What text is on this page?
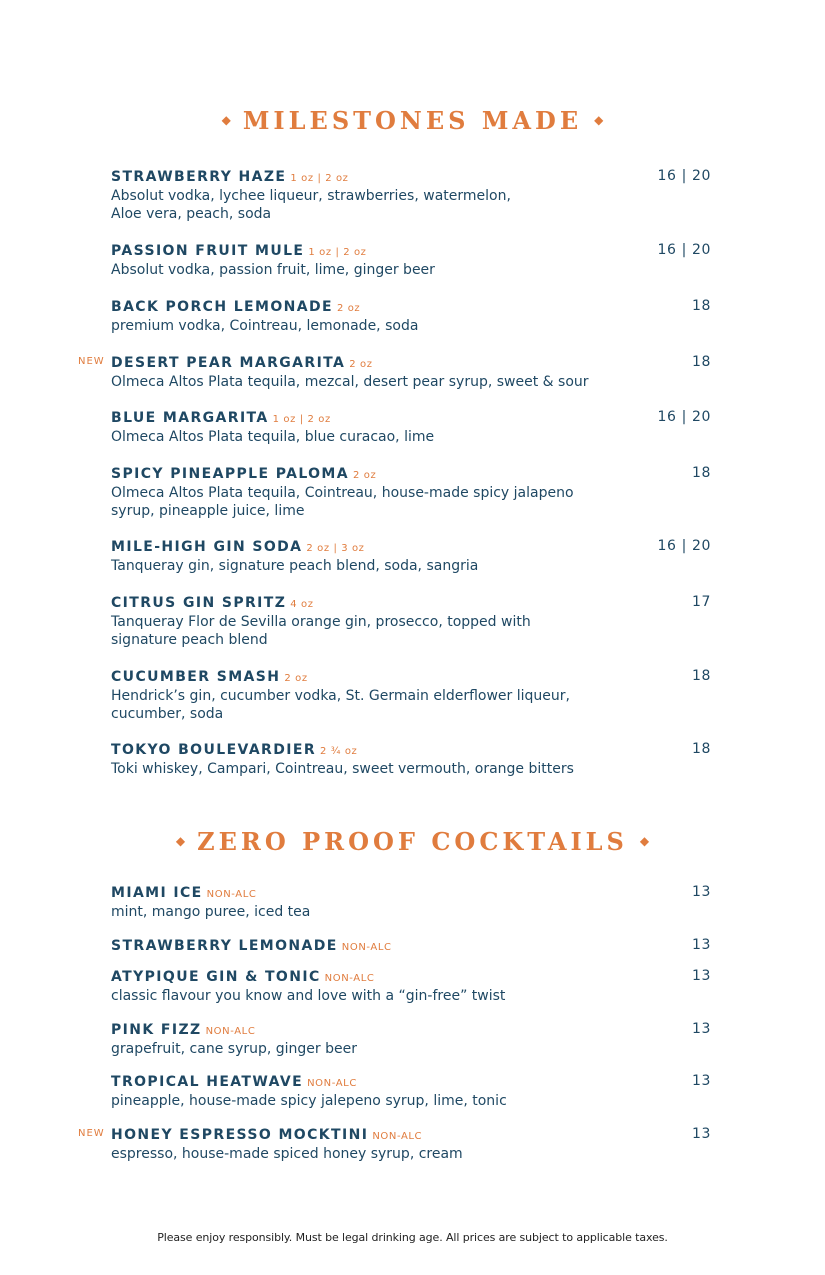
◆ MILESTONES MADE ◆
STRAWBERRY HAZE 1 oz | 2 oz	16 | 20
Absolut vodka, lychee liqueur, strawberries, watermelon,
Aloe vera, peach, soda
PASSION FRUIT MULE 1 oz | 2 oz	16 | 20
Absolut vodka, passion fruit, lime, ginger beer
BACK PORCH LEMONADE 2 oz	18
premium vodka, Cointreau, lemonade, soda
NEW DESERT PEAR MARGARITA 2 oz	18
Olmeca Altos Plata tequila, mezcal, desert pear syrup, sweet & sour
BLUE MARGARITA 1 oz | 2 oz	16 | 20
Olmeca Altos Plata tequila, blue curacao, lime
SPICY PINEAPPLE PALOMA 2 oz	18
Olmeca Altos Plata tequila, Cointreau, house-made spicy jalapeno
syrup, pineapple juice, lime
MILE-HIGH GIN SODA 2 oz | 3 oz	16 | 20
Tanqueray gin, signature peach blend, soda, sangria
CITRUS GIN SPRITZ 4 oz	17
Tanqueray Flor de Sevilla orange gin, prosecco, topped with
signature peach blend
CUCUMBER SMASH 2 oz	18
Hendrick’s gin, cucumber vodka, St. Germain elderflower liqueur,
cucumber, soda
TOKYO BOULEVARDIER 2 ¾ oz	18
Toki whiskey, Campari, Cointreau, sweet vermouth, orange bitters
◆ ZERO PROOF COCKTAILS ◆
MIAMI ICE NON-ALC	13
mint, mango puree, iced tea
STRAWBERRY LEMONADE NON-ALC	13
ATYPIQUE GIN & TONIC NON-ALC	13
classic flavour you know and love with a “gin-free” twist
PINK FIZZ NON-ALC	13
grapefruit, cane syrup, ginger beer
TROPICAL HEATWAVE NON-ALC	13
pineapple, house-made spicy jalepeno syrup, lime, tonic
NEW HONEY ESPRESSO MOCKTINI NON-ALC	13
espresso, house-made spiced honey syrup, cream
Please enjoy responsibly. Must be legal drinking age. All prices are subject to applicable taxes.
